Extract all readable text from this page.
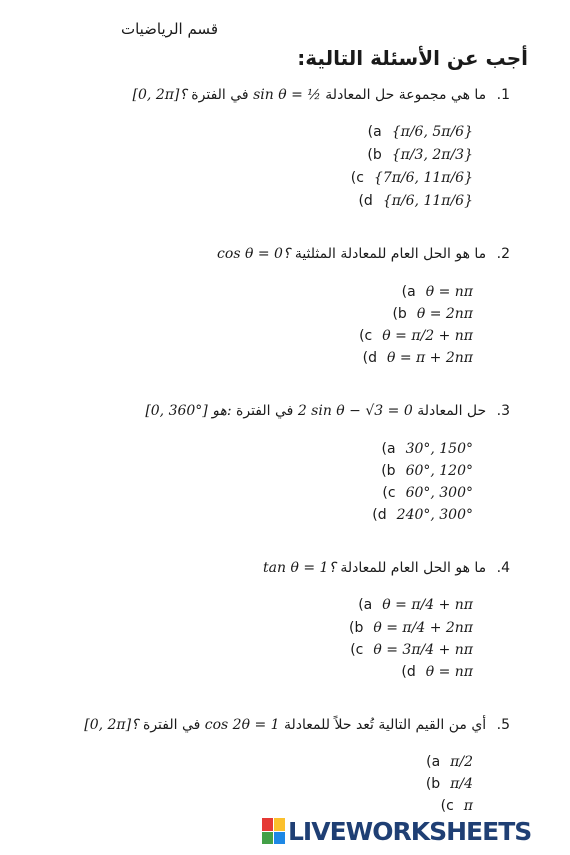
قسم الرياضيات
أجب عن الأسئلة التالية:
1. ما هي مجموعة حل المعادلة sin θ = ½ في الفترة [0, 2π]؟
(a {π/6, 5π/6}
(b {π/3, 2π/3}
(c {7π/6, 11π/6}
(d {π/6, 11π/6}
2. ما هو الحل العام للمعادلة المثلثية cos θ = 0؟
(a θ = nπ
(b θ = 2nπ
(c θ = π/2 + nπ
(d θ = π + 2nπ
3. حل المعادلة 2 sin θ − √3 = 0 في الفترة [0, 360°] هو:
(a 30°, 150°
(b 60°, 120°
(c 60°, 300°
(d 240°, 300°
4. ما هو الحل العام للمعادلة tan θ = 1؟
(a θ = π/4 + nπ
(b θ = π/4 + 2nπ
(c θ = 3π/4 + nπ
(d θ = nπ
5. أي من القيم التالية تُعد حلاً للمعادلة cos 2θ = 1 في الفترة [0, 2π]؟
(a π/2
(b π/4
(c π
LIVEWORKSHEETS
